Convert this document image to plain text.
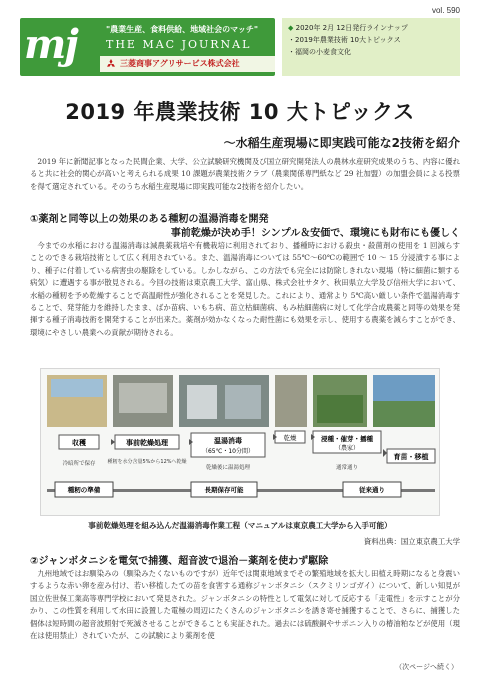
vol. 590
mj	"農業生産、食料供給、地域社会のマッチ"
THE MAC JOURNAL
三菱商事アグリサービス株式会社
◆ 2020年 2月 12日発行ラインナップ
・2019年農業技術 10大トピックス
・福岡の小麦食文化
2019 年農業技術 10 大トピックス
～水稲生産現場に即実践可能な2技術を紹介
2019 年に新聞記事となった民間企業、大学、公立試験研究機関及び国立研究開発法人の農林水産研究成果のうち、内容に優れると共に社会的関心が高いと考えられる成果 10 課題が農業技術クラブ（農業関係専門紙など 29 社加盟）の加盟会員による投票を得て選定されている。そのうち水稲生産現場に即実践可能な2技術を紹介したい。
①薬剤と同等以上の効果のある種籾の温湯消毒を開発
事前乾燥が決め手！シンプル＆安価で、環境にも財布にも優しく
今までの水稲における温湯消毒は減農薬栽培や有機栽培に利用されており、播種時における殺虫・殺菌剤の使用を 1 回減らすことのできる栽培技術として広く利用されている。また、温湯消毒については 55℃～60℃の範囲で 10 ～ 15 分浸漬する事により、種子に付着している病害虫の駆除をしている。しかしながら、この方法でも完全には防除しきれない現場（特に細菌に類する病気）に遭遇する事が散見される。今回の技術は東京農工大学、富山県、株式会社サタケ、秋田県立大学及び信州大学において、水稲の種籾を予め乾燥することで高温耐性が強化されることを発見した。これにより、通常より 5℃高い厳しい条件で温湯消毒することで、発芽能力を維持したまま、ばか苗病、いもち病、苗立枯細菌病、もみ枯細菌病に対して化学合成農薬と同等の効果を発揮する種子消毒技術を開発することが出来た。薬剤が効かなくなった耐性菌にも効果を示し、使用する農薬を減らすことができ、環境にやさしい農業への貢献が期待される。
収穫	事前乾燥処理	温湯消毒
（65℃・10分間）
乾燥	浸種・催芽・播種
（農家）
育苗・移植
冷暗所で保存 種籾を水分含量5%から12%へ乾燥
乾燥後に温湯処理	通常通り
種籾の準備	長期保存可能	従来通り
事前乾燥処理を組み込んだ温湯消毒作業工程（マニュアルは東京農工大学から入手可能）
資料出典：国立東京農工大学
②ジャンボタニシを電気で捕獲、超音波で退治－薬剤を使わず駆除
九州地域ではお馴染みの（馴染みたくないものですが）近年では関東地域までその繁殖地域を拡大し田植え時期になると身震いするような赤い卵を産み付け、若い移植したての苗を食害する通称ジャンボタニシ（スクミリンゴガイ）について、新しい知見が国立佐世保工業高等専門学校において発見された。ジャンボタニシの特性として電気に対して反応する「走電性」を示すことが分かり、この性質を利用して水田に設置した電極の周辺にたくさんのジャンボタニシを誘き寄せ捕獲することで、さらに、捕獲した個体は短時間の超音波照射で死滅させることができることも実証された。過去には硫酸銅やサポニン入りの椿油粕などが使用（現在は使用禁止）されていたが、この試験により薬剤を使
（次ページへ続く）
